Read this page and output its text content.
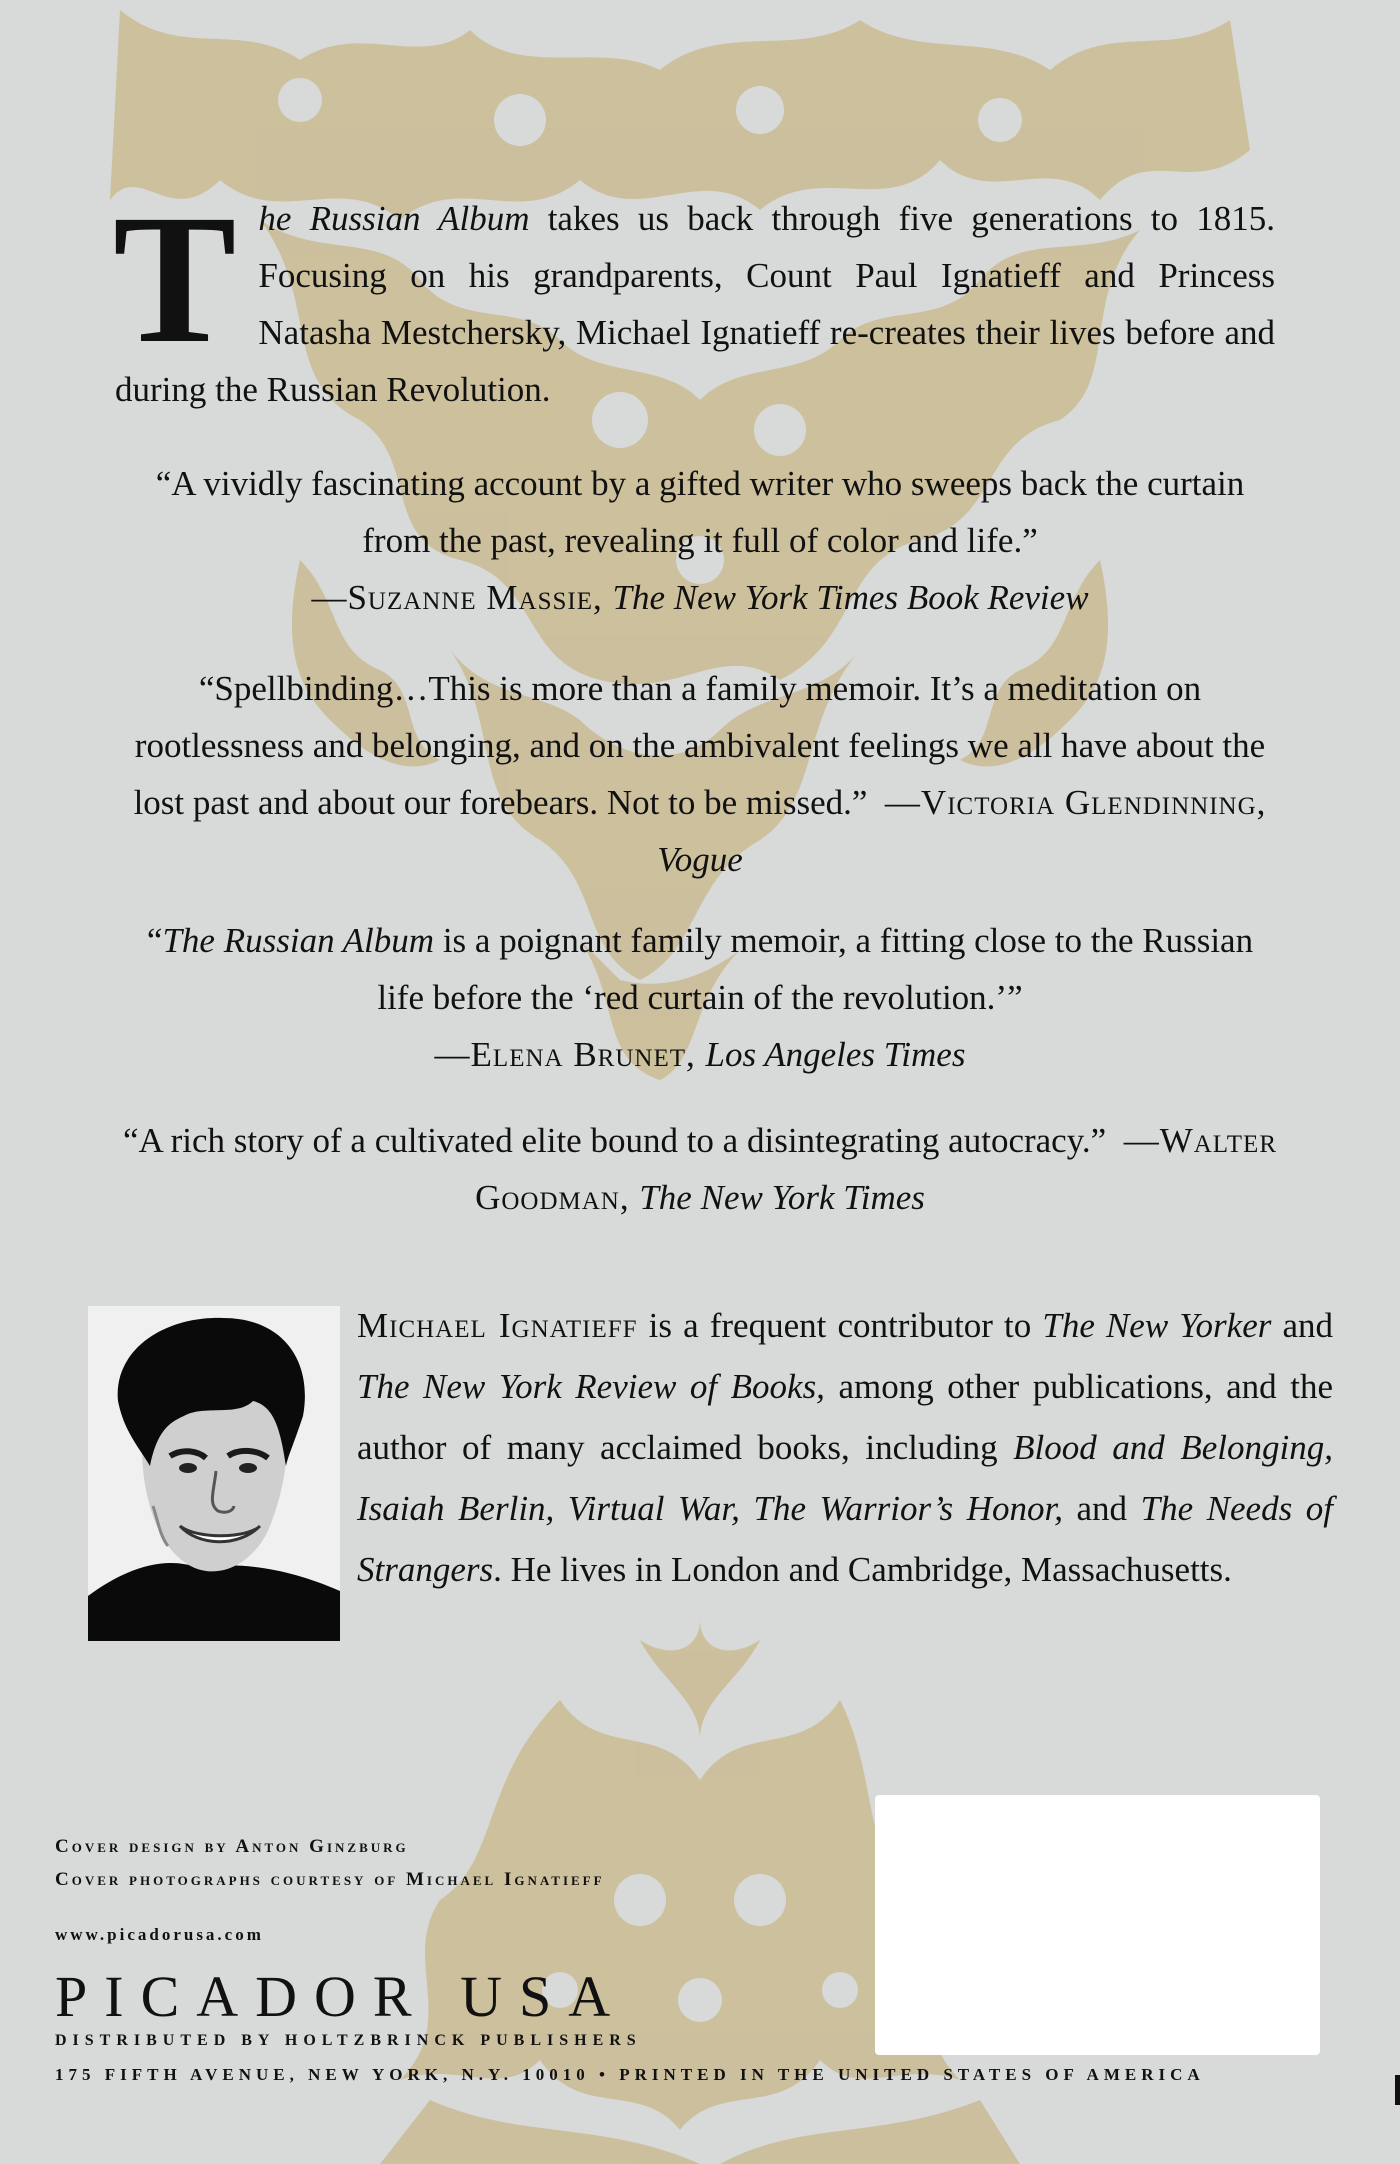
T he Russian Album takes us back through five generations to 1815. Focusing on his grandparents, Count Paul Ignatieff and Princess Natasha Mestchersky, Michael Ignatieff re-creates their lives before and during the Russian Revolution.
“A vividly fascinating account by a gifted writer who sweeps back the curtain from the past, revealing it full of color and life.”
—Suzanne Massie, The New York Times Book Review
“Spellbinding…This is more than a family memoir. It’s a meditation on rootlessness and belonging, and on the ambivalent feelings we all have about the lost past and about our forebears. Not to be missed.” —Victoria Glendinning, Vogue
“The Russian Album is a poignant family memoir, a fitting close to the Russian life before the ‘red curtain of the revolution.’”
—Elena Brunet, Los Angeles Times
“A rich story of a cultivated elite bound to a disintegrating autocracy.” —Walter Goodman, The New York Times
Michael Ignatieff is a frequent contributor to The New Yorker and The New York Review of Books, among other publications, and the author of many acclaimed books, including Blood and Belonging, Isaiah Berlin, Virtual War, The Warrior’s Honor, and The Needs of Strangers. He lives in London and Cambridge, Massachusetts.
Cover design by Anton Ginzburg
Cover photographs courtesy of Michael Ignatieff
www.picadorusa.com
PICADOR USA
DISTRIBUTED BY HOLTZBRINCK PUBLISHERS
175 FIFTH AVENUE, NEW YORK, N.Y. 10010 • PRINTED IN THE UNITED STATES OF AMERICA
